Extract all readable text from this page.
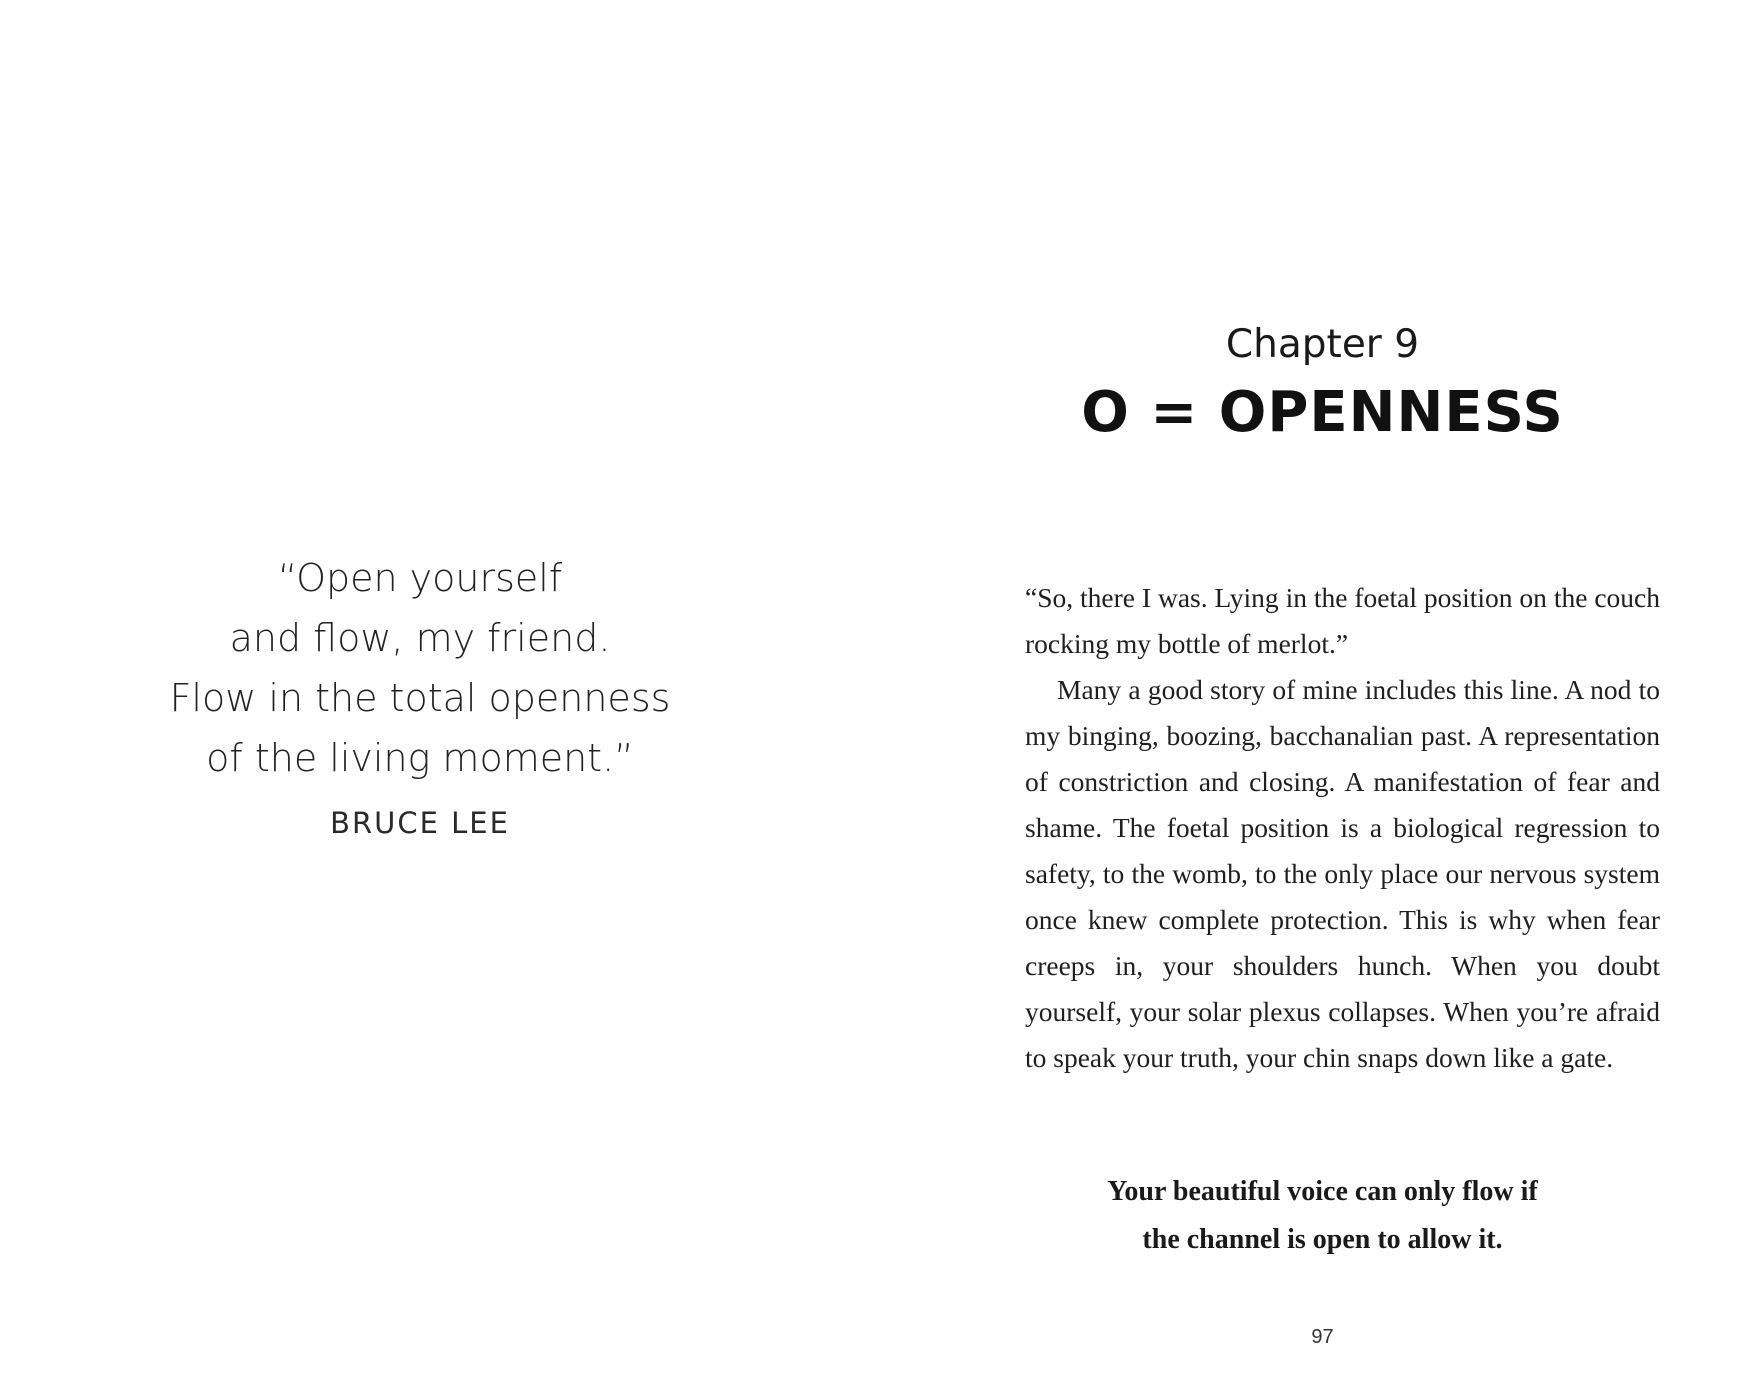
“Open yourself
and flow, my friend.
Flow in the total openness
of the living moment.”
BRUCE LEE
Chapter 9
O = OPENNESS

“So, there I was. Lying in the foetal position on the couch rocking my bottle of merlot.”

Many a good story of mine includes this line. A nod to my binging, boozing, bacchanalian past. A representation of constriction and closing. A manifestation of fear and shame. The foetal position is a biological regression to safety, to the womb, to the only place our nervous system once knew complete protection. This is why when fear creeps in, your shoulders hunch. When you doubt yourself, your solar plexus collapses. When you’re afraid to speak your truth, your chin snaps down like a gate.

Your beautiful voice can only flow if
the channel is open to allow it.
97
